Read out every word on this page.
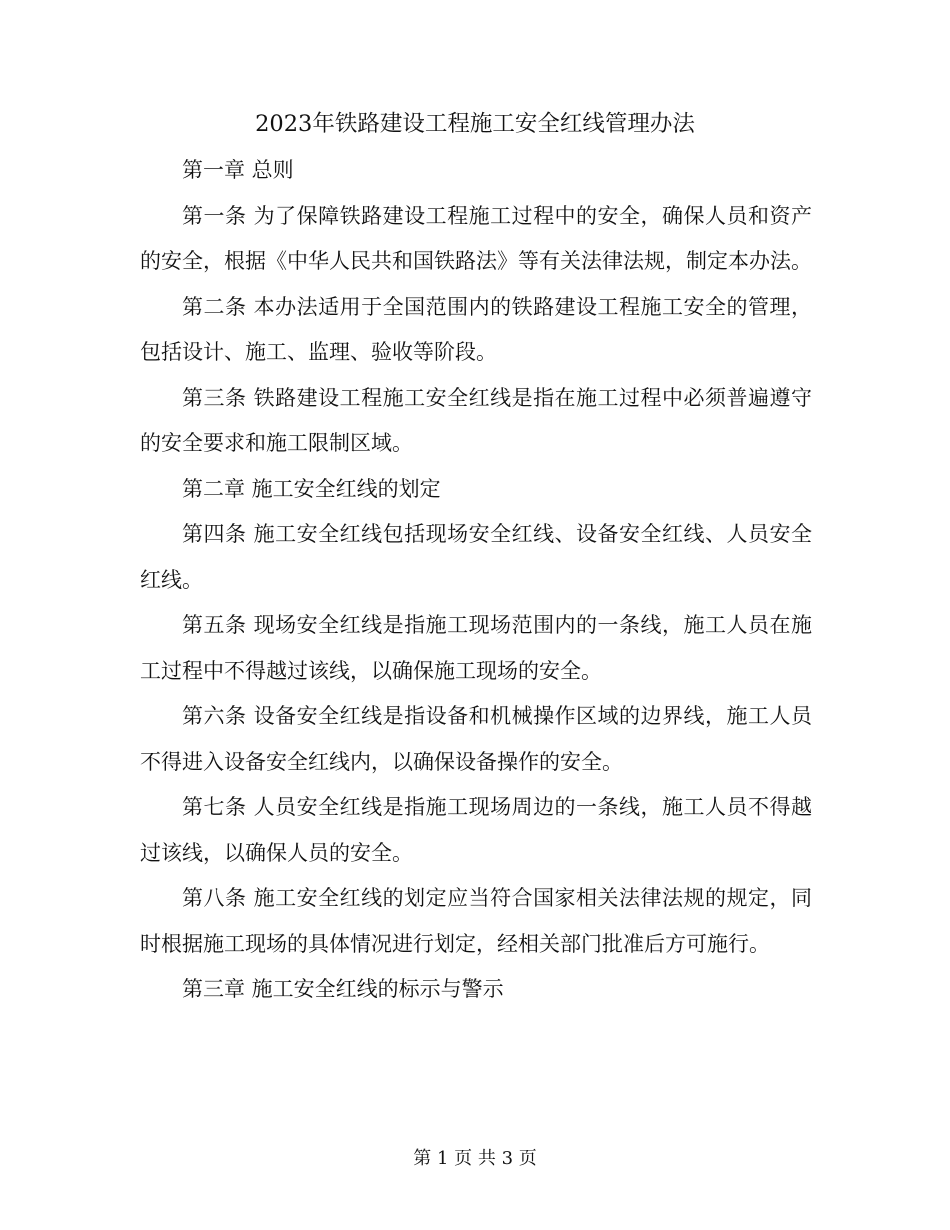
2023年铁路建设工程施工安全红线管理办法

第一章 总则

第一条 为了保障铁路建设工程施工过程中的安全，确保人员和资产的安全，根据《中华人民共和国铁路法》等有关法律法规，制定本办法。

第二条 本办法适用于全国范围内的铁路建设工程施工安全的管理，包括设计、施工、监理、验收等阶段。

第三条 铁路建设工程施工安全红线是指在施工过程中必须普遍遵守的安全要求和施工限制区域。

第二章 施工安全红线的划定

第四条 施工安全红线包括现场安全红线、设备安全红线、人员安全红线。

第五条 现场安全红线是指施工现场范围内的一条线，施工人员在施工过程中不得越过该线，以确保施工现场的安全。

第六条 设备安全红线是指设备和机械操作区域的边界线，施工人员不得进入设备安全红线内，以确保设备操作的安全。

第七条 人员安全红线是指施工现场周边的一条线，施工人员不得越过该线，以确保人员的安全。

第八条 施工安全红线的划定应当符合国家相关法律法规的规定，同时根据施工现场的具体情况进行划定，经相关部门批准后方可施行。

第三章 施工安全红线的标示与警示

第 1 页 共 3 页
